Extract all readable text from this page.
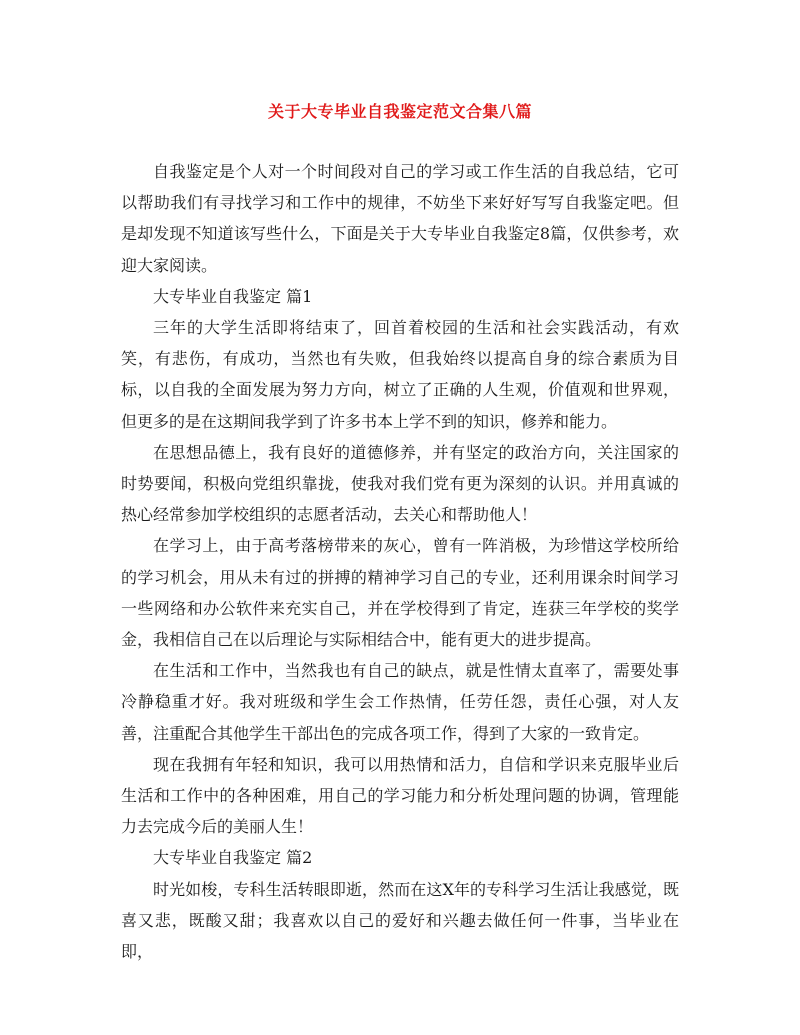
关于大专毕业自我鉴定范文合集八篇

自我鉴定是个人对一个时间段对自己的学习或工作生活的自我总结，它可以帮助我们有寻找学习和工作中的规律，不妨坐下来好好写写自我鉴定吧。但是却发现不知道该写些什么，下面是关于大专毕业自我鉴定8篇，仅供参考，欢迎大家阅读。

大专毕业自我鉴定 篇1

三年的大学生活即将结束了，回首着校园的生活和社会实践活动，有欢笑，有悲伤，有成功，当然也有失败，但我始终以提高自身的综合素质为目标，以自我的全面发展为努力方向，树立了正确的人生观，价值观和世界观，但更多的是在这期间我学到了许多书本上学不到的知识，修养和能力。

在思想品德上，我有良好的道德修养，并有坚定的政治方向，关注国家的时势要闻，积极向党组织靠拢，使我对我们党有更为深刻的认识。并用真诚的热心经常参加学校组织的志愿者活动，去关心和帮助他人！

在学习上，由于高考落榜带来的灰心，曾有一阵消极，为珍惜这学校所给的学习机会，用从未有过的拼搏的精神学习自己的专业，还利用课余时间学习一些网络和办公软件来充实自己，并在学校得到了肯定，连获三年学校的奖学金，我相信自己在以后理论与实际相结合中，能有更大的进步提高。

在生活和工作中，当然我也有自己的缺点，就是性情太直率了，需要处事冷静稳重才好。我对班级和学生会工作热情，任劳任怨，责任心强，对人友善，注重配合其他学生干部出色的完成各项工作，得到了大家的一致肯定。

现在我拥有年轻和知识，我可以用热情和活力，自信和学识来克服毕业后生活和工作中的各种困难，用自己的学习能力和分析处理问题的协调，管理能力去完成今后的美丽人生！

大专毕业自我鉴定 篇2

时光如梭，专科生活转眼即逝，然而在这X年的专科学习生活让我感觉，既喜又悲，既酸又甜；我喜欢以自己的爱好和兴趣去做任何一件事，当毕业在即，
